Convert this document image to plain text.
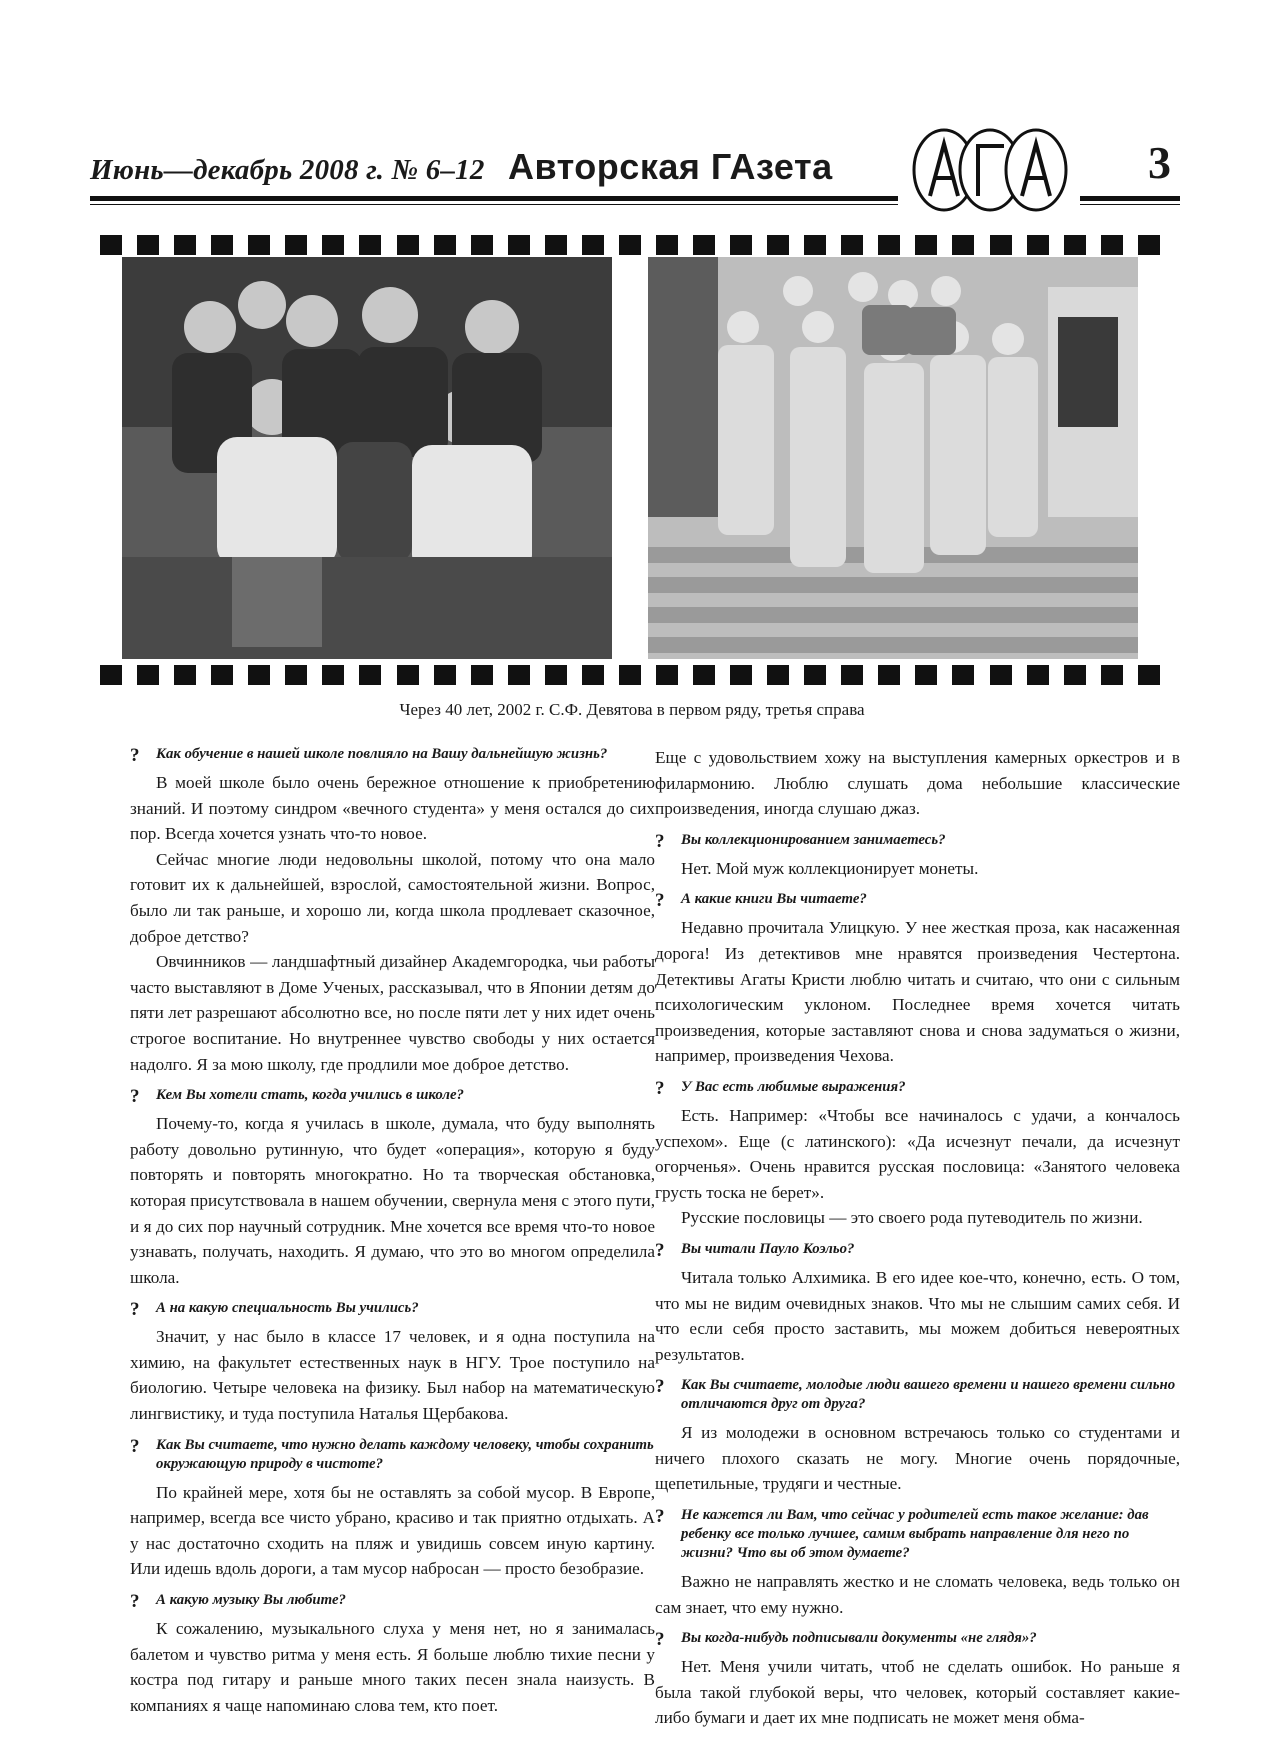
Июнь—декабрь 2008 г. № 6–12 Авторская ГАзета	3
Через 40 лет, 2002 г. С.Ф. Девятова в первом ряду, третья справа
? Как обучение в нашей школе повлияло на Вашу дальнейшую жизнь?

В моей школе было очень бережное отношение к приобретению знаний. И поэтому синдром «вечного студента» у меня остался до сих пор. Всегда хочется узнать что-то новое.

Сейчас многие люди недовольны школой, потому что она мало готовит их к дальнейшей, взрослой, самостоятельной жизни. Вопрос, было ли так раньше, и хорошо ли, когда школа продлевает сказочное, доброе детство?

Овчинников — ландшафтный дизайнер Академгородка, чьи работы часто выставляют в Доме Ученых, рассказывал, что в Японии детям до пяти лет разрешают абсолютно все, но после пяти лет у них идет очень строгое воспитание. Но внутреннее чувство свободы у них остается надолго. Я за мою школу, где продлили мое доброе детство.

? Кем Вы хотели стать, когда учились в школе?

Почему-то, когда я училась в школе, думала, что буду выполнять работу довольно рутинную, что будет «операция», которую я буду повторять и повторять многократно. Но та творческая обстановка, которая присутствовала в нашем обучении, свернула меня с этого пути, и я до сих пор научный сотрудник. Мне хочется все время что-то новое узнавать, получать, находить. Я думаю, что это во многом определила школа.

? А на какую специальность Вы учились?

Значит, у нас было в классе 17 человек, и я одна поступила на химию, на факультет естественных наук в НГУ. Трое поступило на биологию. Четыре человека на физику. Был набор на математическую лингвистику, и туда поступила Наталья Щербакова.

? Как Вы считаете, что нужно делать каждому человеку, чтобы сохранить окружающую природу в чистоте?

По крайней мере, хотя бы не оставлять за собой мусор. В Европе, например, всегда все чисто убрано, красиво и так приятно отдыхать. А у нас достаточно сходить на пляж и увидишь совсем иную картину. Или идешь вдоль дороги, а там мусор набросан — просто безобразие.

? А какую музыку Вы любите?

К сожалению, музыкального слуха у меня нет, но я занималась балетом и чувство ритма у меня есть. Я больше люблю тихие песни у костра под гитару и раньше много таких песен знала наизусть. В компаниях я чаще напоминаю слова тем, кто поет.

Еще с удовольствием хожу на выступления камерных оркестров и в филармонию. Люблю слушать дома небольшие классические произведения, иногда слушаю джаз.

? Вы коллекционированием занимаетесь?

Нет. Мой муж коллекционирует монеты.

? А какие книги Вы читаете?

Недавно прочитала Улицкую. У нее жесткая проза, как насаженная дорога! Из детективов мне нравятся произведения Честертона. Детективы Агаты Кристи люблю читать и считаю, что они с сильным психологическим уклоном. Последнее время хочется читать произведения, которые заставляют снова и снова задуматься о жизни, например, произведения Чехова.

? У Вас есть любимые выражения?

Есть. Например: «Чтобы все начиналось с удачи, а кончалось успехом». Еще (с латинского): «Да исчезнут печали, да исчезнут огорченья». Очень нравится русская пословица: «Занятого человека грусть тоска не берет».

Русские пословицы — это своего рода путеводитель по жизни.

? Вы читали Пауло Коэльо?

Читала только Алхимика. В его идее кое-что, конечно, есть. О том, что мы не видим очевидных знаков. Что мы не слышим самих себя. И что если себя просто заставить, мы можем добиться невероятных результатов.

? Как Вы считаете, молодые люди вашего времени и нашего времени сильно отличаются друг от друга?

Я из молодежи в основном встречаюсь только со студентами и ничего плохого сказать не могу. Многие очень порядочные, щепетильные, трудяги и честные.

? Не кажется ли Вам, что сейчас у родителей есть такое желание: дав ребенку все только лучшее, самим выбрать направление для него по жизни? Что вы об этом думаете?

Важно не направлять жестко и не сломать человека, ведь только он сам знает, что ему нужно.

? Вы когда-нибудь подписывали документы «не глядя»?

Нет. Меня учили читать, чтоб не сделать ошибок. Но раньше я была такой глубокой веры, что человек, который составляет какие-либо бумаги и дает их мне подписать не может меня обма-
